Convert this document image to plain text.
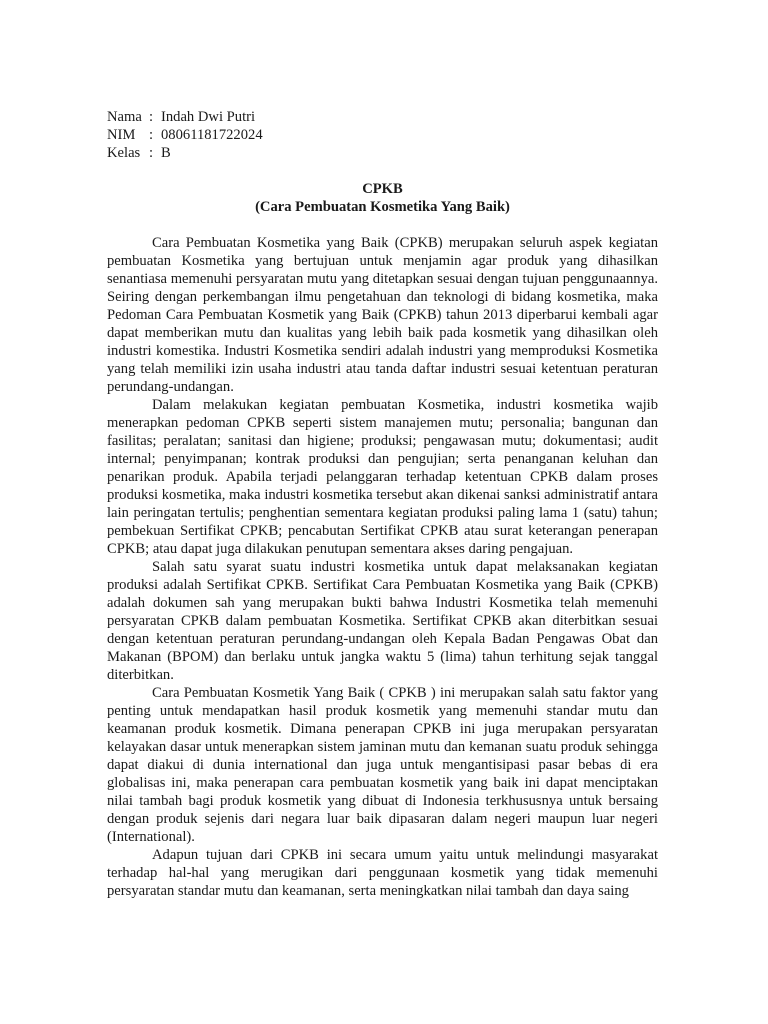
Nama : Indah Dwi Putri
NIM : 08061181722024
Kelas : B
CPKB
(Cara Pembuatan Kosmetika Yang Baik)

Cara Pembuatan Kosmetika yang Baik (CPKB) merupakan seluruh aspek kegiatan pembuatan Kosmetika yang bertujuan untuk menjamin agar produk yang dihasilkan senantiasa memenuhi persyaratan mutu yang ditetapkan sesuai dengan tujuan penggunaannya. Seiring dengan perkembangan ilmu pengetahuan dan teknologi di bidang kosmetika, maka Pedoman Cara Pembuatan Kosmetik yang Baik (CPKB) tahun 2013 diperbarui kembali agar dapat memberikan mutu dan kualitas yang lebih baik pada kosmetik yang dihasilkan oleh industri komestika. Industri Kosmetika sendiri adalah industri yang memproduksi Kosmetika yang telah memiliki izin usaha industri atau tanda daftar industri sesuai ketentuan peraturan perundang-undangan.

Dalam melakukan kegiatan pembuatan Kosmetika, industri kosmetika wajib menerapkan pedoman CPKB seperti sistem manajemen mutu; personalia; bangunan dan fasilitas; peralatan; sanitasi dan higiene; produksi; pengawasan mutu; dokumentasi; audit internal; penyimpanan; kontrak produksi dan pengujian; serta penanganan keluhan dan penarikan produk. Apabila terjadi pelanggaran terhadap ketentuan CPKB dalam proses produksi kosmetika, maka industri kosmetika tersebut akan dikenai sanksi administratif antara lain peringatan tertulis; penghentian sementara kegiatan produksi paling lama 1 (satu) tahun; pembekuan Sertifikat CPKB; pencabutan Sertifikat CPKB atau surat keterangan penerapan CPKB; atau dapat juga dilakukan penutupan sementara akses daring pengajuan.

Salah satu syarat suatu industri kosmetika untuk dapat melaksanakan kegiatan produksi adalah Sertifikat CPKB. Sertifikat Cara Pembuatan Kosmetika yang Baik (CPKB) adalah dokumen sah yang merupakan bukti bahwa Industri Kosmetika telah memenuhi persyaratan CPKB dalam pembuatan Kosmetika. Sertifikat CPKB akan diterbitkan sesuai dengan ketentuan peraturan perundang-undangan oleh Kepala Badan Pengawas Obat dan Makanan (BPOM) dan berlaku untuk jangka waktu 5 (lima) tahun terhitung sejak tanggal diterbitkan.

Cara Pembuatan Kosmetik Yang Baik ( CPKB ) ini merupakan salah satu faktor yang penting untuk mendapatkan hasil produk kosmetik yang memenuhi standar mutu dan keamanan produk kosmetik. Dimana penerapan CPKB ini juga merupakan persyaratan kelayakan dasar untuk menerapkan sistem jaminan mutu dan kemanan suatu produk sehingga dapat diakui di dunia international dan juga untuk mengantisipasi pasar bebas di era globalisas ini, maka penerapan cara pembuatan kosmetik yang baik ini dapat menciptakan nilai tambah bagi produk kosmetik yang dibuat di Indonesia terkhususnya untuk bersaing dengan produk sejenis dari negara luar baik dipasaran dalam negeri maupun luar negeri (International).

Adapun tujuan dari CPKB ini secara umum yaitu untuk melindungi masyarakat terhadap hal-hal yang merugikan dari penggunaan kosmetik yang tidak memenuhi persyaratan standar mutu dan keamanan, serta meningkatkan nilai tambah dan daya saing
